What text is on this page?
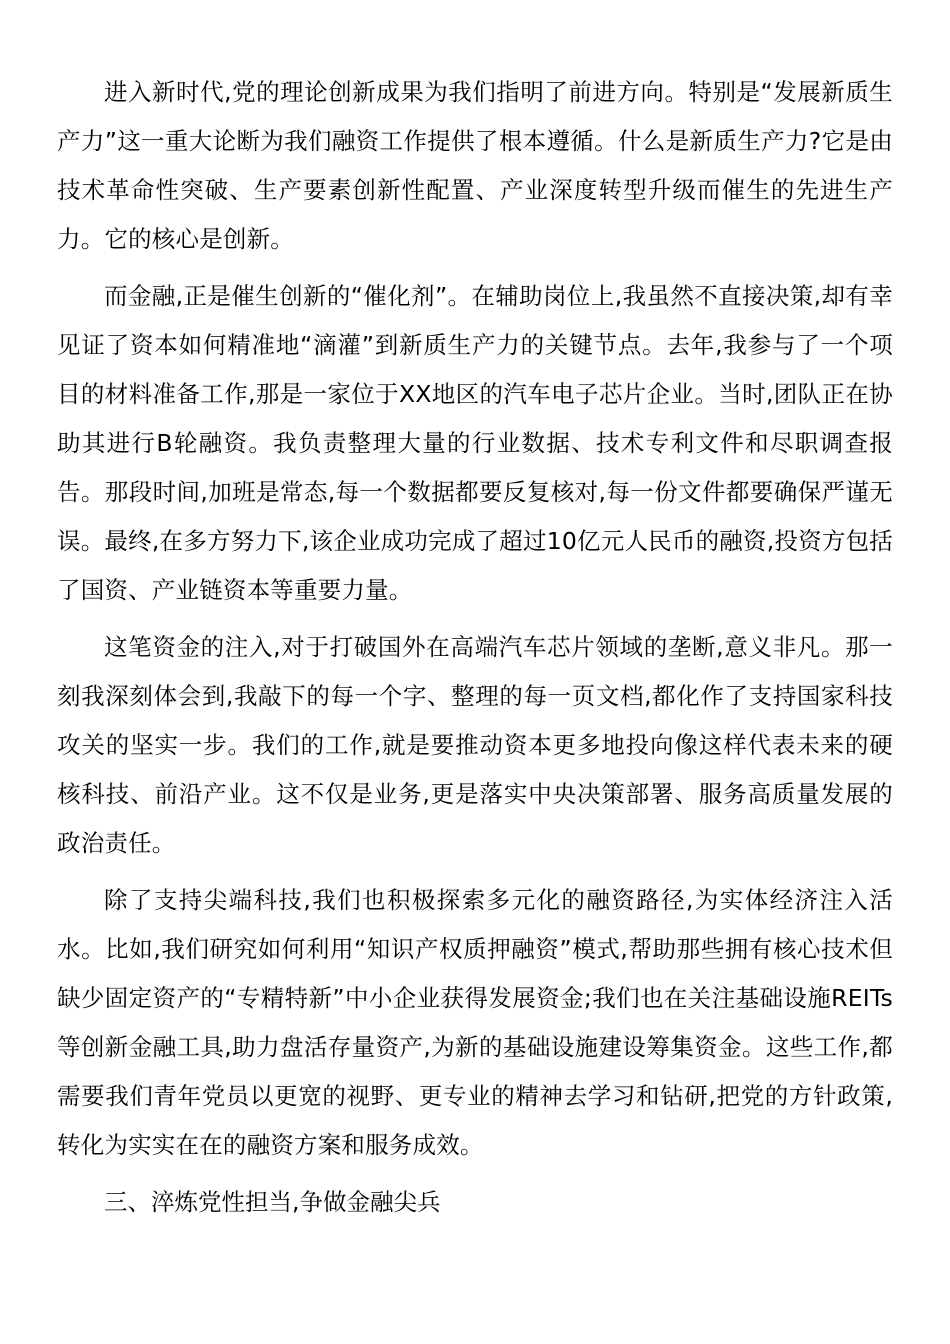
进入新时代,党的理论创新成果为我们指明了前进方向。特别是“发展新质生产力”这一重大论断为我们融资工作提供了根本遵循。什么是新质生产力?它是由技术革命性突破、生产要素创新性配置、产业深度转型升级而催生的先进生产力。它的核心是创新。

而金融,正是催生创新的“催化剂”。在辅助岗位上,我虽然不直接决策,却有幸见证了资本如何精准地“滴灌”到新质生产力的关键节点。去年,我参与了一个项目的材料准备工作,那是一家位于XX地区的汽车电子芯片企业。当时,团队正在协助其进行B轮融资。我负责整理大量的行业数据、技术专利文件和尽职调查报告。那段时间,加班是常态,每一个数据都要反复核对,每一份文件都要确保严谨无误。最终,在多方努力下,该企业成功完成了超过10亿元人民币的融资,投资方包括了国资、产业链资本等重要力量。

这笔资金的注入,对于打破国外在高端汽车芯片领域的垄断,意义非凡。那一刻我深刻体会到,我敲下的每一个字、整理的每一页文档,都化作了支持国家科技攻关的坚实一步。我们的工作,就是要推动资本更多地投向像这样代表未来的硬核科技、前沿产业。这不仅是业务,更是落实中央决策部署、服务高质量发展的政治责任。

除了支持尖端科技,我们也积极探索多元化的融资路径,为实体经济注入活水。比如,我们研究如何利用“知识产权质押融资”模式,帮助那些拥有核心技术但缺少固定资产的“专精特新”中小企业获得发展资金;我们也在关注基础设施REITs等创新金融工具,助力盘活存量资产,为新的基础设施建设筹集资金。这些工作,都需要我们青年党员以更宽的视野、更专业的精神去学习和钻研,把党的方针政策,转化为实实在在的融资方案和服务成效。

三、淬炼党性担当,争做金融尖兵
